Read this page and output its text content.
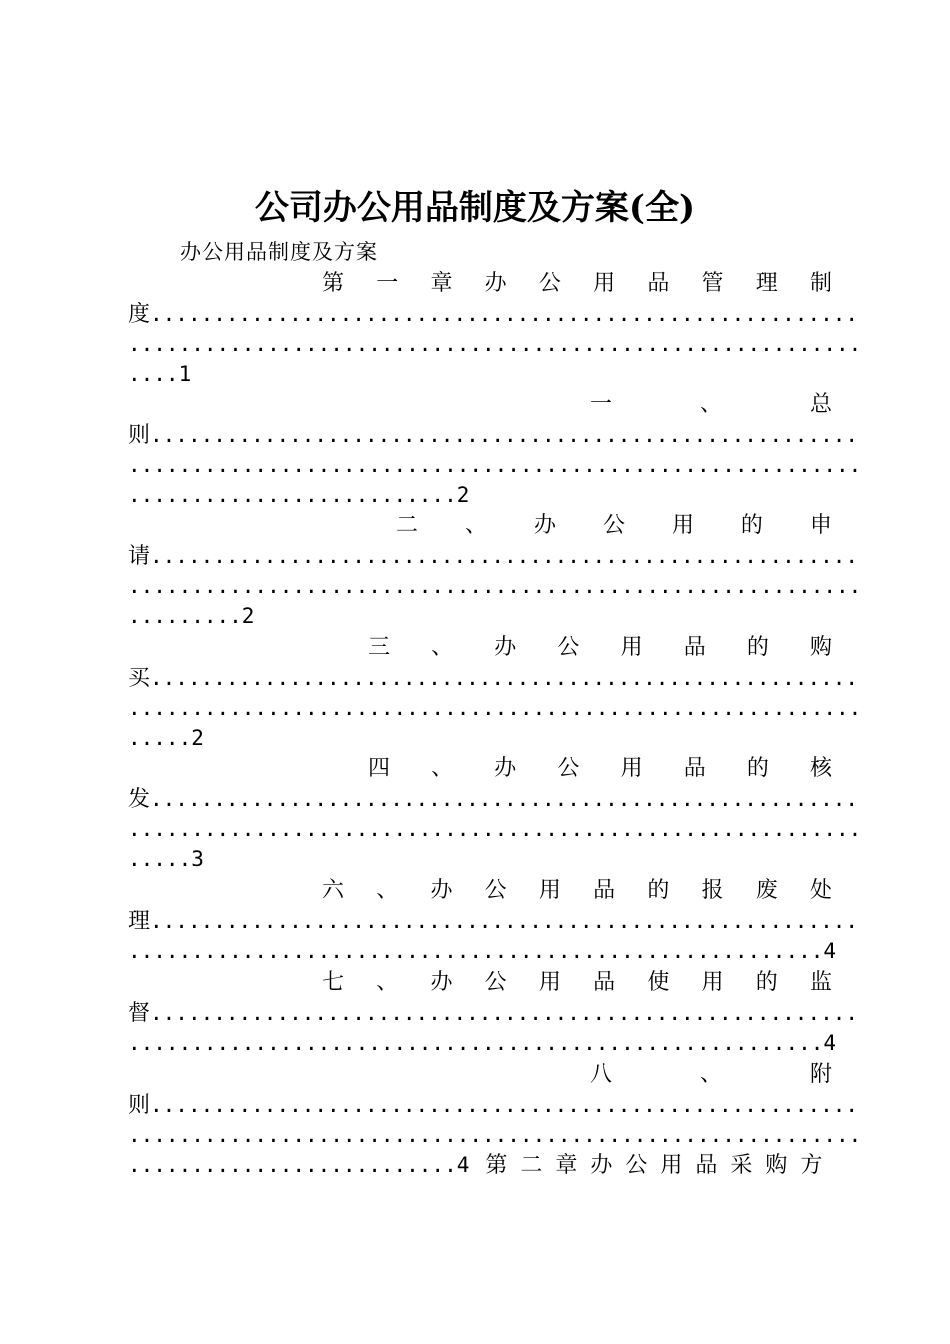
公司办公用品制度及方案(全)
办公用品制度及方案
第 一 章 办 公 用 品 管 理 制
度........................................................
..........................................................
....1
一	、	总
则........................................................
..........................................................
..........................2
二 、 办 公 用 的 申
请........................................................
..........................................................
.........2
三 、 办 公 用 品 的 购
买........................................................
..........................................................
.....2
四 、 办 公 用 品 的 核
发........................................................
..........................................................
.....3
六 、 办 公 用 品 的 报 废 处
理........................................................
.......................................................4
七 、 办 公 用 品 使 用 的 监
督........................................................
.......................................................4
八	、	附
则........................................................
..........................................................
..........................4 第二章办公用品采购方
